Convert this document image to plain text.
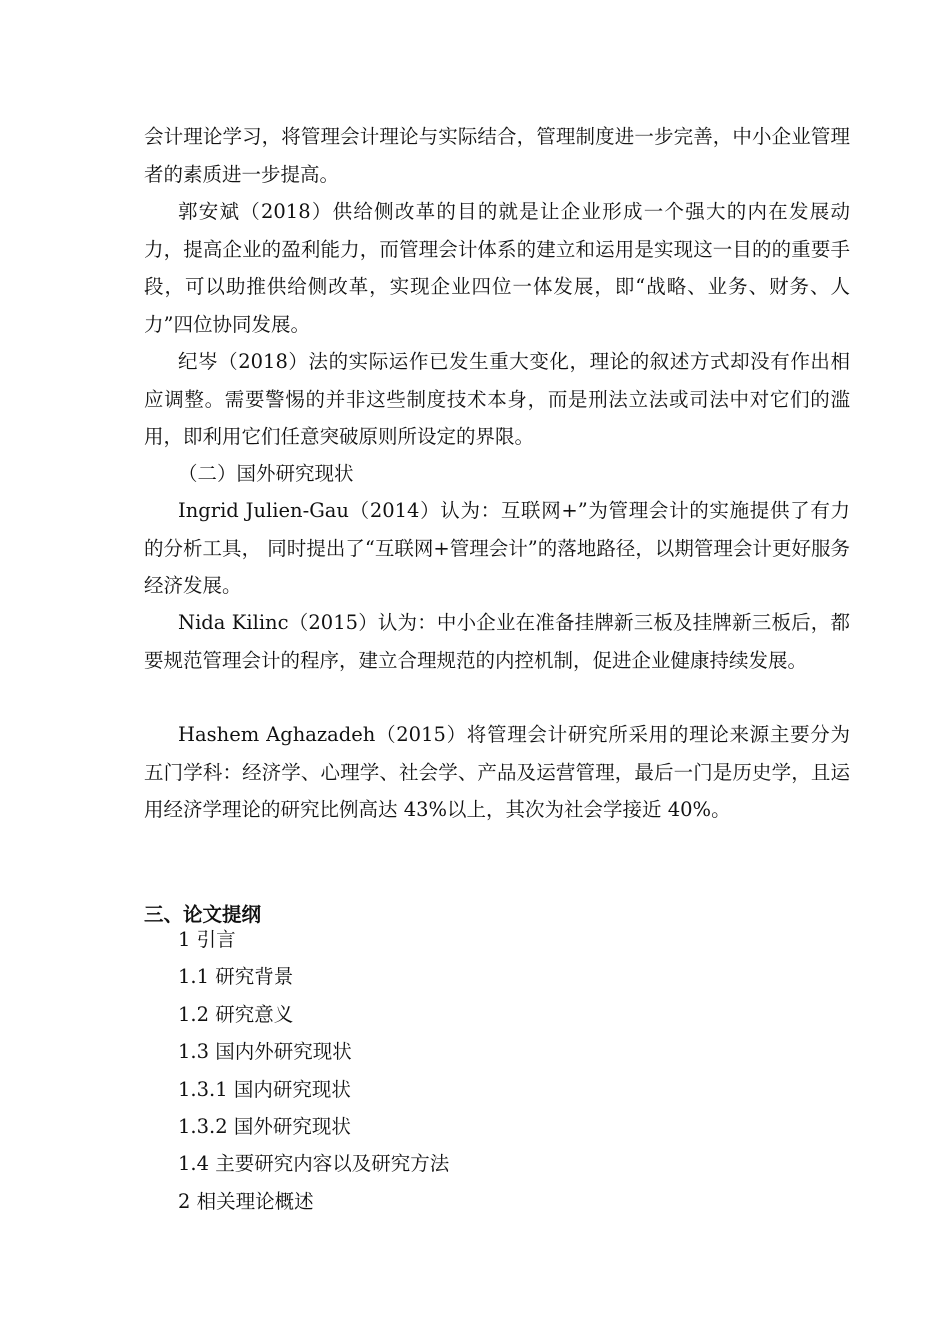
会计理论学习，将管理会计理论与实际结合，管理制度进一步完善，中小企业管理者的素质进一步提高。

郭安斌（2018）供给侧改革的目的就是让企业形成一个强大的内在发展动力，提高企业的盈利能力，而管理会计体系的建立和运用是实现这一目的的重要手段，可以助推供给侧改革，实现企业四位一体发展，即“战略、业务、财务、人力”四位协同发展。

纪岑（2018）法的实际运作已发生重大变化，理论的叙述方式却没有作出相应调整。需要警惕的并非这些制度技术本身，而是刑法立法或司法中对它们的滥用，即利用它们任意突破原则所设定的界限。

（二）国外研究现状

Ingrid Julien-Gau（2014）认为：互联网+”为管理会计的实施提供了有力的分析工具， 同时提出了“互联网+管理会计”的落地路径，以期管理会计更好服务经济发展。

Nida Kilinc（2015）认为：中小企业在准备挂牌新三板及挂牌新三板后，都要规范管理会计的程序，建立合理规范的内控机制，促进企业健康持续发展。

Hashem Aghazadeh（2015）将管理会计研究所采用的理论来源主要分为五门学科：经济学、心理学、社会学、产品及运营管理，最后一门是历史学，且运用经济学理论的研究比例高达 43%以上，其次为社会学接近 40%。

三、论文提纲

1 引言
1.1 研究背景
1.2 研究意义
1.3 国内外研究现状
1.3.1 国内研究现状
1.3.2 国外研究现状
1.4 主要研究内容以及研究方法
2 相关理论概述
